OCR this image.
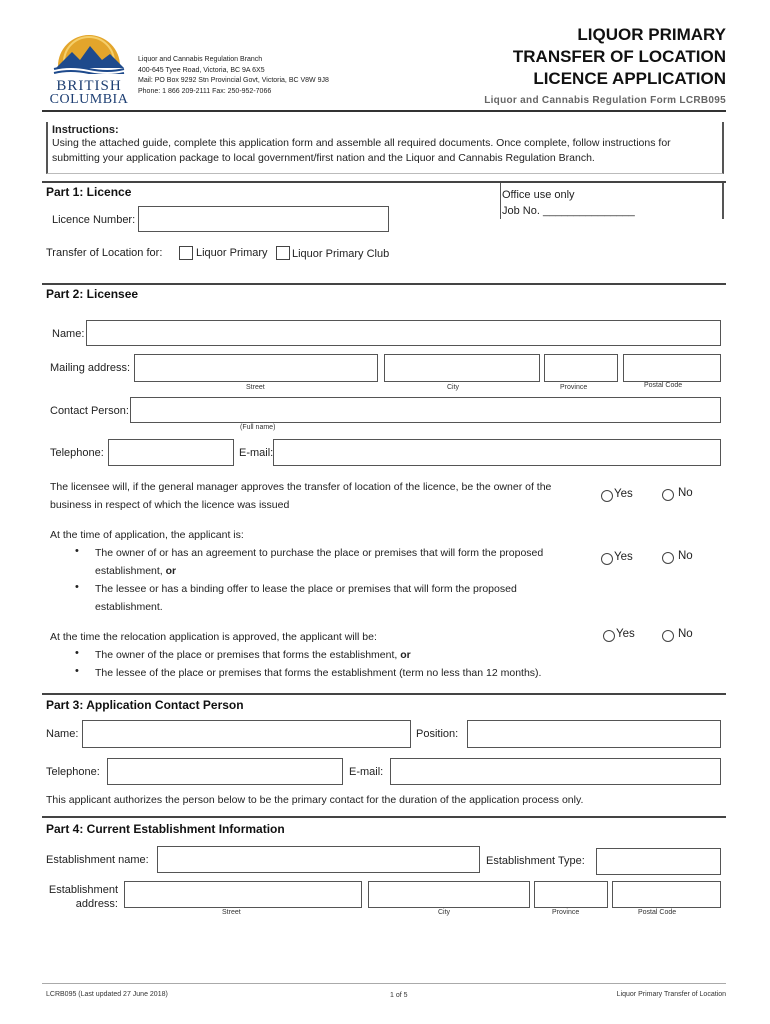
BRITISH
COLUMBIA
Liquor and Cannabis Regulation Branch
400-645 Tyee Road, Victoria, BC 9A 6X5
Mail: PO Box 9292 Stn Provincial Govt, Victoria, BC V8W 9J8
Phone: 1 866 209-2111 Fax: 250-952-7066
LIQUOR PRIMARY
TRANSFER OF LOCATION
LICENCE APPLICATION
Liquor and Cannabis Regulation Form LCRB095
Instructions:
Using the attached guide, complete this application form and assemble all required documents. Once complete, follow instructions for submitting your application package to local government/first nation and the Liquor and Cannabis Regulation Branch.
Part 1: Licence	Office use only
Job No. _______________
Licence Number:
Transfer of Location for:	Liquor Primary Liquor Primary Club
Part 2: Licensee
Name:
Mailing address:
Street	City	Province	Postal Code
Contact Person:
(Full name)
Telephone:	E-mail:
The licensee will, if the general manager approves the transfer of location of the licence, be the owner of the business in respect of which the licence was issued
Yes	No
At the time of application, the applicant is:
• The owner of or has an agreement to purchase the place or premises that will form the proposed establishment, or
• The lessee or has a binding offer to lease the place or premises that will form the proposed establishment.
Yes	No
At the time the relocation application is approved, the applicant will be:
• The owner of the place or premises that forms the establishment, or
• The lessee of the place or premises that forms the establishment (term no less than 12 months).
Yes	No
Part 3: Application Contact Person
Name:	Position:
Telephone:	E-mail:
This applicant authorizes the person below to be the primary contact for the duration of the application process only.
Part 4: Current Establishment Information
Establishment name:	Establishment Type:
Establishment
address:
Street	City	Province	Postal Code
LCRB095 (Last updated 27 June 2018)	1 of 5	Liquor Primary Transfer of Location
